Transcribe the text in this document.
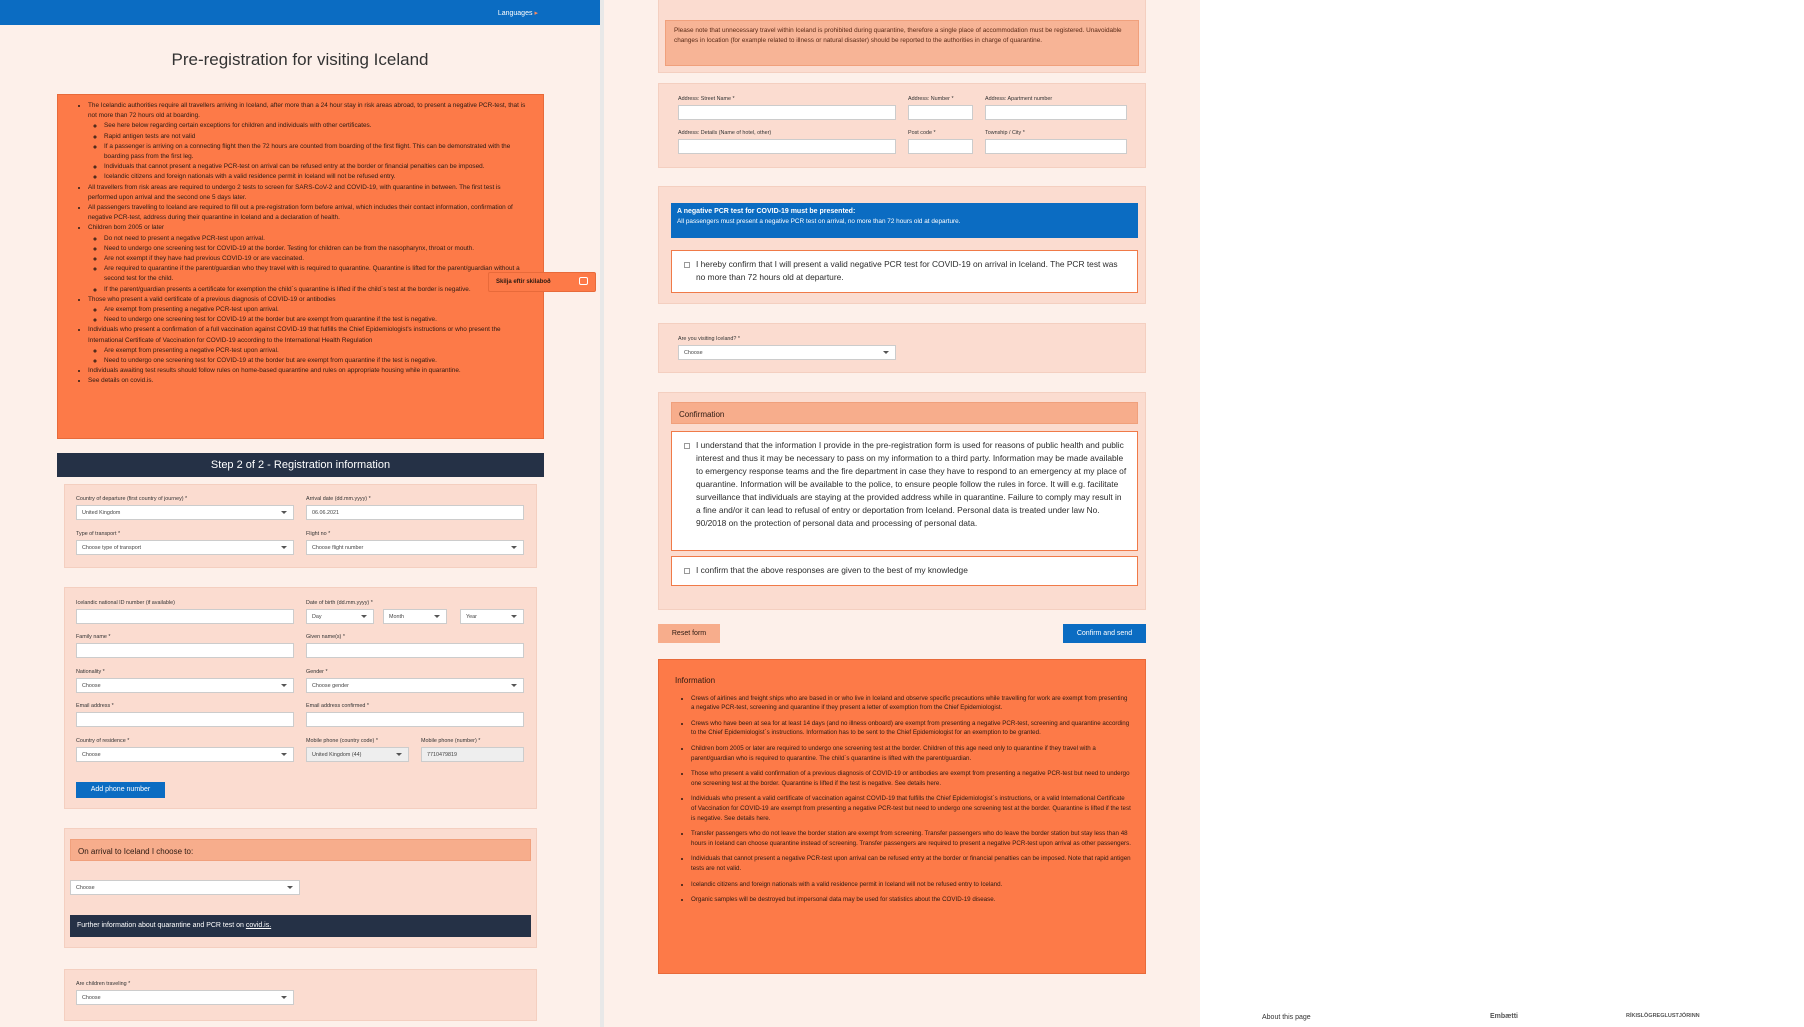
Languages ▸
Pre-registration for visiting Iceland
• The Icelandic authorities require all travellers arriving in Iceland, after more than a 24 hour stay in risk areas abroad, to present a negative PCR-test, that is not more than 72 hours old at boarding.
◦ See here below regarding certain exceptions for children and individuals with other certificates.
◦ Rapid antigen tests are not valid
◦ If a passenger is arriving on a connecting flight then the 72 hours are counted from boarding of the first flight. This can be demonstrated with the boarding pass from the first leg.
◦ Individuals that cannot present a negative PCR-test on arrival can be refused entry at the border or financial penalties can be imposed.
◦ Icelandic citizens and foreign nationals with a valid residence permit in Iceland will not be refused entry.
• All travellers from risk areas are required to undergo 2 tests to screen for SARS-CoV-2 and COVID-19, with quarantine in between. The first test is performed upon arrival and the second one 5 days later.
• All passengers travelling to Iceland are required to fill out a pre-registration form before arrival, which includes their contact information, confirmation of negative PCR-test, address during their quarantine in Iceland and a declaration of health.
• Children born 2005 or later
◦ Do not need to present a negative PCR-test upon arrival.
◦ Need to undergo one screening test for COVID-19 at the border. Testing for children can be from the nasopharynx, throat or mouth.
◦ Are not exempt if they have had previous COVID-19 or are vaccinated.
◦ Are required to quarantine if the parent/guardian who they travel with is required to quarantine. Quarantine is lifted for the parent/guardian without a second test for the child.
◦ If the parent/guardian presents a certificate for exemption the child´s quarantine is lifted if the child´s test at the border is negative.
• Those who present a valid certificate of a previous diagnosis of COVID-19 or antibodies
◦ Are exempt from presenting a negative PCR-test upon arrival.
◦ Need to undergo one screening test for COVID-19 at the border but are exempt from quarantine if the test is negative.
• Individuals who present a confirmation of a full vaccination against COVID-19 that fulfills the Chief Epidemiologist's instructions or who present the International Certificate of Vaccination for COVID-19 according to the International Health Regulation
◦ Are exempt from presenting a negative PCR-test upon arrival.
◦ Need to undergo one screening test for COVID-19 at the border but are exempt from quarantine if the test is negative.
• Individuals awaiting test results should follow rules on home-based quarantine and rules on appropriate housing while in quarantine.
• See details on covid.is.
Skilja eftir skilaboð
Step 2 of 2 - Registration information
Country of departure (first country of journey) *
United Kingdom
Arrival date (dd.mm.yyyy) *
06.06.2021
Type of transport *
Choose type of transport
Flight no *
Choose flight number
Icelandic national ID number (if available)	Date of birth (dd.mm.yyyy) *
Day	Month	Year
Family name *	Given name(s) *
Nationality *
Choose
Gender *
Choose gender
Email address *	Email address confirmed *
Country of residence *
Choose
Mobile phone (country code) *
United Kingdom (44)
Mobile phone (number) *
7710479819
Add phone number
On arrival to Iceland I choose to:
Choose
Further information about quarantine and PCR test on covid.is.
Are children traveling *
Choose
Please note that unnecessary travel within Iceland is prohibited during quarantine, therefore a single place of accommodation must be registered. Unavoidable changes in location (for example related to illness or natural disaster) should be reported to the authorities in charge of quarantine.
Address: Street Name *	Address: Number *	Address: Apartment number
Address: Details (Name of hotel, other)	Post code *	Township / City *
A negative PCR test for COVID-19 must be presented:
All passengers must present a negative PCR test on arrival, no more than 72 hours old at departure.
I hereby confirm that I will present a valid negative PCR test for COVID-19 on arrival in Iceland. The PCR test was no more than 72 hours old at departure.
Are you visiting Iceland? *
Choose
Confirmation
I understand that the information I provide in the pre-registration form is used for reasons of public health and public interest and thus it may be necessary to pass on my information to a third party. Information may be made available to emergency response teams and the fire department in case they have to respond to an emergency at my place of quarantine. Information will be available to the police, to ensure people follow the rules in force. It will e.g. facilitate surveillance that individuals are staying at the provided address while in quarantine. Failure to comply may result in a fine and/or it can lead to refusal of entry or deportation from Iceland. Personal data is treated under law No. 90/2018 on the protection of personal data and processing of personal data.
I confirm that the above responses are given to the best of my knowledge
About this page	Embætti	RÍKISLÖGREGLUSTJÓRINN
Reset form	Confirm and send
Information
• Crews of airlines and freight ships who are based in or who live in Iceland and observe specific precautions while travelling for work are exempt from presenting a negative PCR-test, screening and quarantine if they present a letter of exemption from the Chief Epidemiologist.
• Crews who have been at sea for at least 14 days (and no illness onboard) are exempt from presenting a negative PCR-test, screening and quarantine according to the Chief Epidemiologist´s instructions. Information has to be sent to the Chief Epidemiologist for an exemption to be granted.
• Children born 2005 or later are required to undergo one screening test at the border. Children of this age need only to quarantine if they travel with a parent/guardian who is required to quarantine. The child´s quarantine is lifted with the parent/guardian.
• Those who present a valid confirmation of a previous diagnosis of COVID-19 or antibodies are exempt from presenting a negative PCR-test but need to undergo one screening test at the border. Quarantine is lifted if the test is negative. See details here.
• Individuals who present a valid certificate of vaccination against COVID-19 that fulfills the Chief Epidemiologist´s instructions, or a valid International Certificate of Vaccination for COVID-19 are exempt from presenting a negative PCR-test but need to undergo one screening test at the border. Quarantine is lifted if the test is negative. See details here.
• Transfer passengers who do not leave the border station are exempt from screening. Transfer passengers who do leave the border station but stay less than 48 hours in Iceland can choose quarantine instead of screening. Transfer passengers are required to present a negative PCR-test upon arrival as other passengers.
• Individuals that cannot present a negative PCR-test upon arrival can be refused entry at the border or financial penalties can be imposed. Note that rapid antigen tests are not valid.
• Icelandic citizens and foreign nationals with a valid residence permit in Iceland will not be refused entry to Iceland.
• Organic samples will be destroyed but impersonal data may be used for statistics about the COVID-19 disease.
